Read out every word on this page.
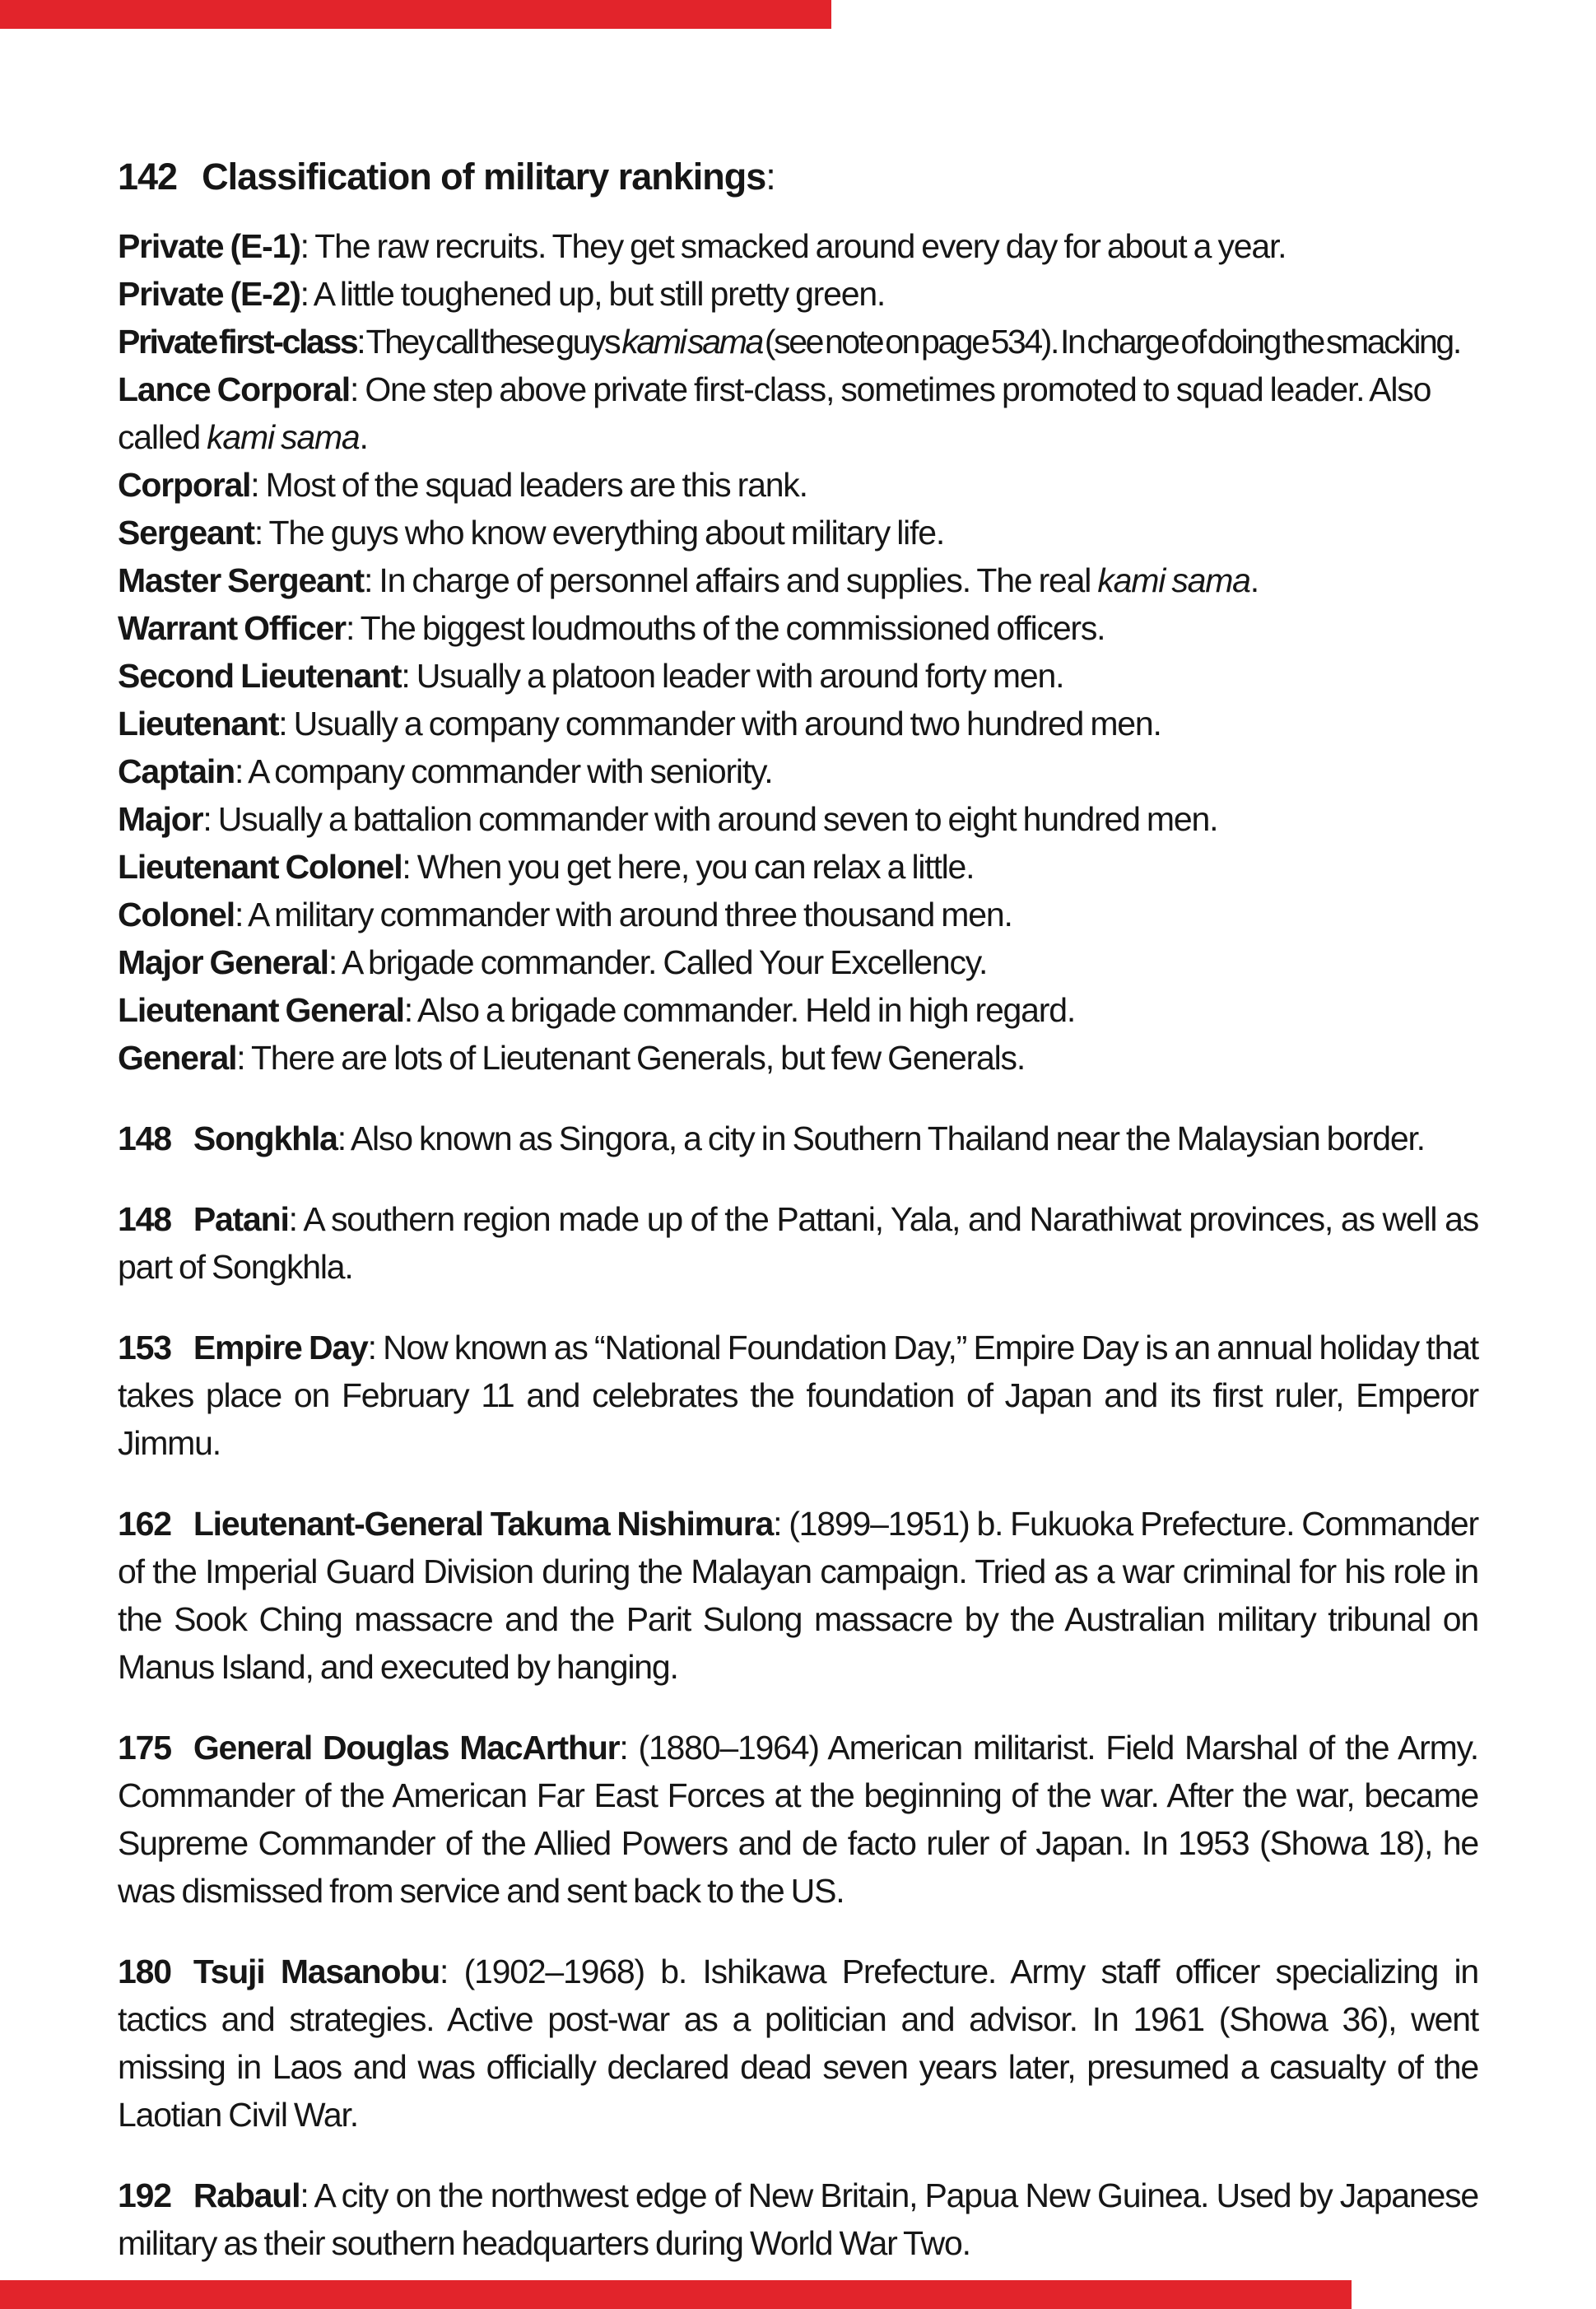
142 Classification of military rankings:
Private (E-1): The raw recruits. They get smacked around every day for about a year.
Private (E-2): A little toughened up, but still pretty green.
Private first-class: They call these guys kami sama (see note on page 534). In charge of doing the smacking.
Lance Corporal: One step above private first-class, sometimes promoted to squad leader. Also called kami sama.
Corporal: Most of the squad leaders are this rank.
Sergeant: The guys who know everything about military life.
Master Sergeant: In charge of personnel affairs and supplies. The real kami sama.
Warrant Officer: The biggest loudmouths of the commissioned officers.
Second Lieutenant: Usually a platoon leader with around forty men.
Lieutenant: Usually a company commander with around two hundred men.
Captain: A company commander with seniority.
Major: Usually a battalion commander with around seven to eight hundred men.
Lieutenant Colonel: When you get here, you can relax a little.
Colonel: A military commander with around three thousand men.
Major General: A brigade commander. Called Your Excellency.
Lieutenant General: Also a brigade commander. Held in high regard.
General: There are lots of Lieutenant Generals, but few Generals.

148 Songkhla: Also known as Singora, a city in Southern Thailand near the Malaysian border.

148 Patani: A southern region made up of the Pattani, Yala, and Narathiwat provinces, as well as part of Songkhla.

153 Empire Day: Now known as “National Foundation Day,” Empire Day is an annual holiday that takes place on February 11 and celebrates the foundation of Japan and its first ruler, Emperor Jimmu.

162 Lieutenant-General Takuma Nishimura: (1899–1951) b. Fukuoka Prefecture. Commander of the Imperial Guard Division during the Malayan campaign. Tried as a war criminal for his role in the Sook Ching massacre and the Parit Sulong massacre by the Australian military tribunal on Manus Island, and executed by hanging.

175 General Douglas MacArthur: (1880–1964) American militarist. Field Marshal of the Army. Commander of the American Far East Forces at the beginning of the war. After the war, became Supreme Commander of the Allied Powers and de facto ruler of Japan. In 1953 (Showa 18), he was dismissed from service and sent back to the US.

180 Tsuji Masanobu: (1902–1968) b. Ishikawa Prefecture. Army staff officer specializing in tactics and strategies. Active post-war as a politician and advisor. In 1961 (Showa 36), went missing in Laos and was officially declared dead seven years later, presumed a casualty of the Laotian Civil War.

192 Rabaul: A city on the northwest edge of New Britain, Papua New Guinea. Used by Japanese military as their southern headquarters during World War Two.
